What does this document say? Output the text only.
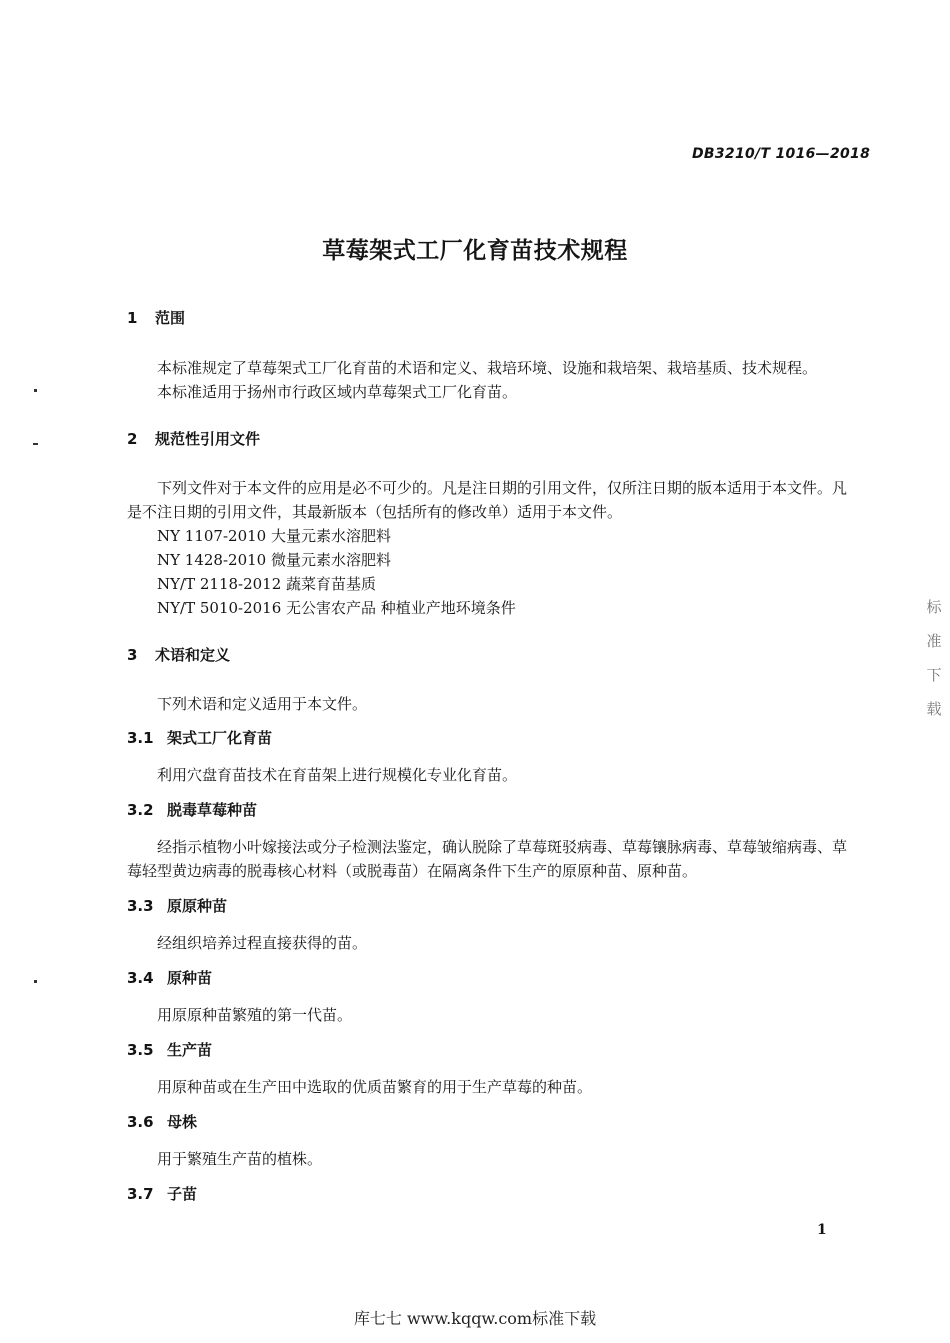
DB3210/T 1016—2018
草莓架式工厂化育苗技术规程
1 范围
本标准规定了草莓架式工厂化育苗的术语和定义、栽培环境、设施和栽培架、栽培基质、技术规程。
本标准适用于扬州市行政区域内草莓架式工厂化育苗。
2 规范性引用文件
下列文件对于本文件的应用是必不可少的。凡是注日期的引用文件，仅所注日期的版本适用于本文件。凡是不注日期的引用文件，其最新版本（包括所有的修改单）适用于本文件。
NY 1107-2010 大量元素水溶肥料
NY 1428-2010 微量元素水溶肥料
NY/T 2118-2012 蔬菜育苗基质
NY/T 5010-2016 无公害农产品 种植业产地环境条件
3 术语和定义
下列术语和定义适用于本文件。
3.1 架式工厂化育苗
利用穴盘育苗技术在育苗架上进行规模化专业化育苗。
3.2 脱毒草莓种苗
经指示植物小叶嫁接法或分子检测法鉴定，确认脱除了草莓斑驳病毒、草莓镶脉病毒、草莓皱缩病毒、草莓轻型黄边病毒的脱毒核心材料（或脱毒苗）在隔离条件下生产的原原种苗、原种苗。
3.3 原原种苗
经组织培养过程直接获得的苗。
3.4 原种苗
用原原种苗繁殖的第一代苗。
3.5 生产苗
用原种苗或在生产田中选取的优质苗繁育的用于生产草莓的种苗。
3.6 母株
用于繁殖生产苗的植株。
3.7 子苗
1
库七七 www.kqqw.com标准下载
标准下载
